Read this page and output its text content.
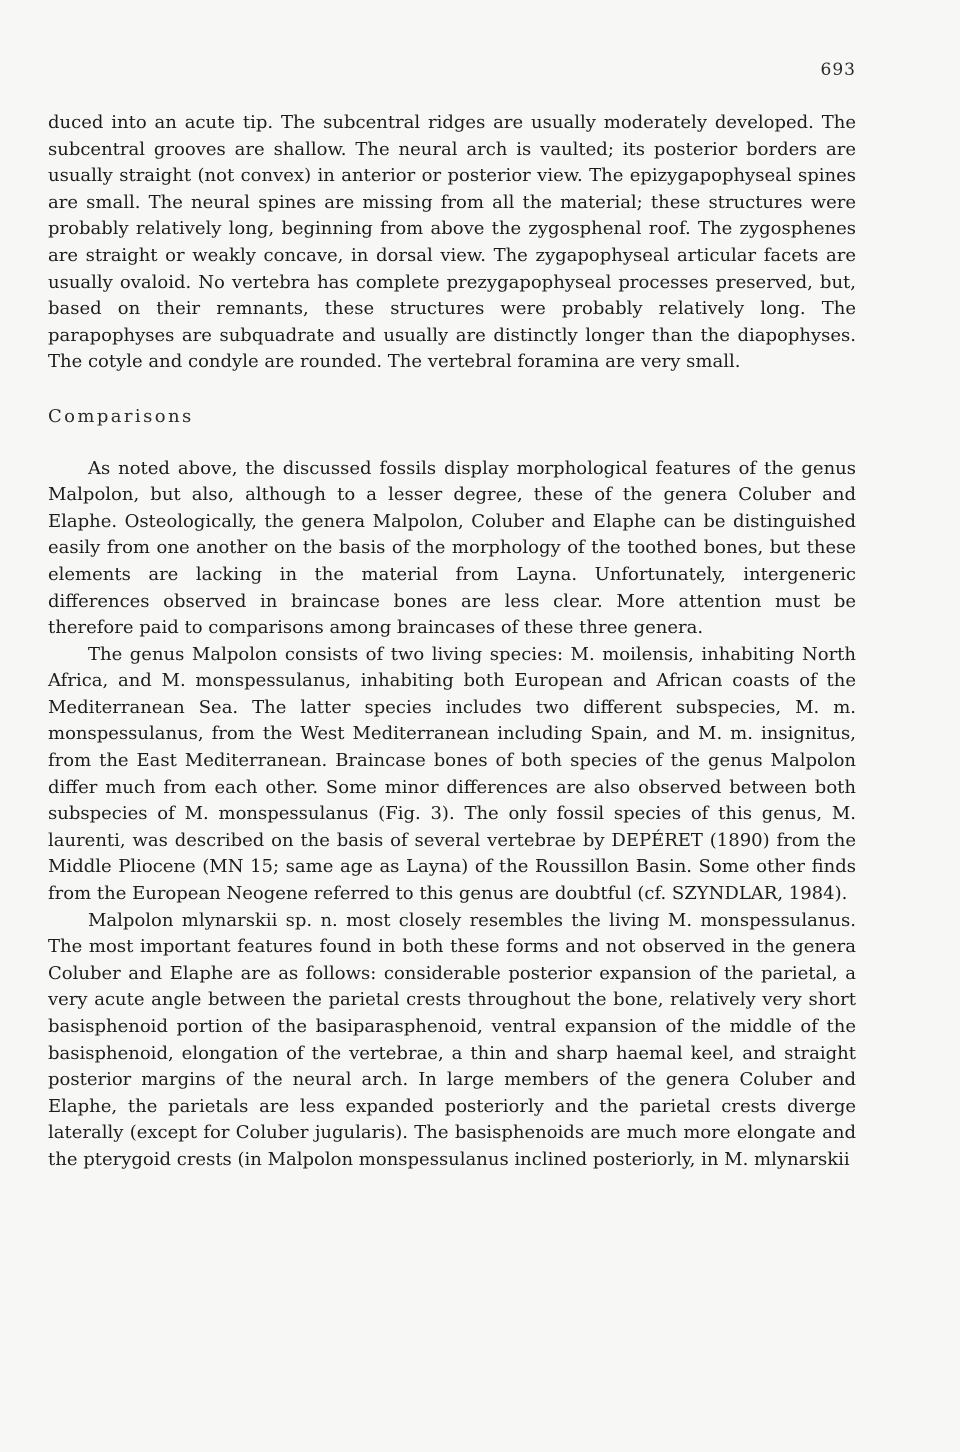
693

duced into an acute tip. The subcentral ridges are usually moderately developed. The subcentral grooves are shallow. The neural arch is vaulted; its posterior borders are usually straight (not convex) in anterior or posterior view. The epizygapophyseal spines are small. The neural spines are missing from all the material; these structures were probably relatively long, beginning from above the zygosphenal roof. The zygosphenes are straight or weakly concave, in dorsal view. The zygapophyseal articular facets are usually ovaloid. No vertebra has complete prezygapophyseal processes preserved, but, based on their remnants, these structures were probably relatively long. The parapophyses are subquadrate and usually are distinctly longer than the diapophyses. The cotyle and condyle are rounded. The vertebral foramina are very small.

Comparisons

As noted above, the discussed fossils display morphological features of the genus Malpolon, but also, although to a lesser degree, these of the genera Coluber and Elaphe. Osteologically, the genera Malpolon, Coluber and Elaphe can be distinguished easily from one another on the basis of the morphology of the toothed bones, but these elements are lacking in the material from Layna. Unfortunately, intergeneric differences observed in braincase bones are less clear. More attention must be therefore paid to comparisons among braincases of these three genera.

The genus Malpolon consists of two living species: M. moilensis, inhabiting North Africa, and M. monspessulanus, inhabiting both European and African coasts of the Mediterranean Sea. The latter species includes two different subspecies, M. m. monspessulanus, from the West Mediterranean including Spain, and M. m. insignitus, from the East Mediterranean. Braincase bones of both species of the genus Malpolon differ much from each other. Some minor differences are also observed between both subspecies of M. monspessulanus (Fig. 3). The only fossil species of this genus, M. laurenti, was described on the basis of several vertebrae by DEPÉRET (1890) from the Middle Pliocene (MN 15; same age as Layna) of the Roussillon Basin. Some other finds from the European Neogene referred to this genus are doubtful (cf. SZYNDLAR, 1984).

Malpolon mlynarskii sp. n. most closely resembles the living M. monspessulanus. The most important features found in both these forms and not observed in the genera Coluber and Elaphe are as follows: considerable posterior expansion of the parietal, a very acute angle between the parietal crests throughout the bone, relatively very short basisphenoid portion of the basiparasphenoid, ventral expansion of the middle of the basisphenoid, elongation of the vertebrae, a thin and sharp haemal keel, and straight posterior margins of the neural arch. In large members of the genera Coluber and Elaphe, the parietals are less expanded posteriorly and the parietal crests diverge laterally (except for Coluber jugularis). The basisphenoids are much more elongate and the pterygoid crests (in Malpolon monspessulanus inclined posteriorly, in M. mlynarskii
